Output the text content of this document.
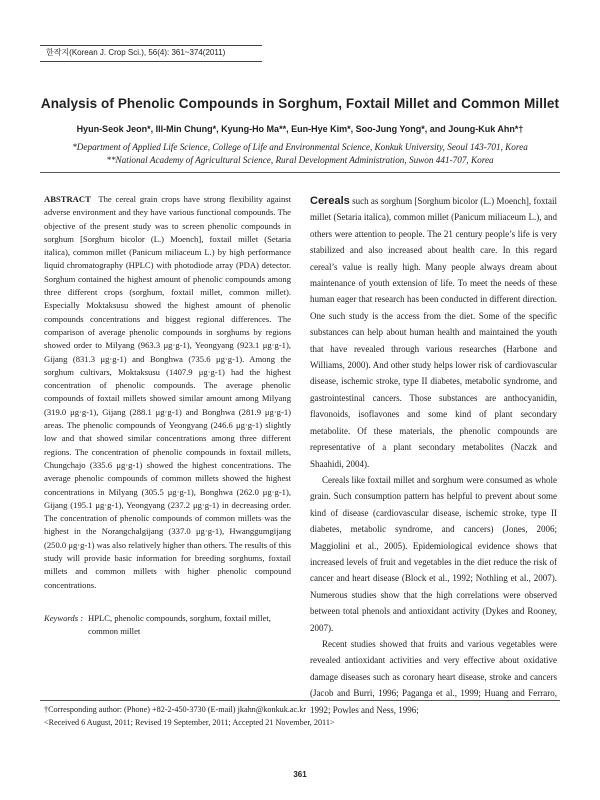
한작지(Korean J. Crop Sci.), 56(4): 361~374(2011)
Analysis of Phenolic Compounds in Sorghum, Foxtail Millet and Common Millet
Hyun-Seok Jeon*, Ill-Min Chung*, Kyung-Ho Ma**, Eun-Hye Kim*, Soo-Jung Yong*, and Joung-Kuk Ahn*†
*Department of Applied Life Science, College of Life and Environmental Science, Konkuk University, Seoul 143-701, Korea
**National Academy of Agricultural Science, Rural Development Administration, Suwon 441-707, Korea

ABSTRACT The cereal grain crops have strong flexibility against adverse environment and they have various functional compounds. The objective of the present study was to screen phenolic compounds in sorghum [Sorghum bicolor (L.) Moench], foxtail millet (Setaria italica), common millet (Panicum miliaceum L.) by high performance liquid chromatography (HPLC) with photodiode array (PDA) detector. Sorghum contained the highest amount of phenolic compounds among three different crops (sorghum, foxtail millet, common millet). Especially Moktaksusu showed the highest amount of phenolic compounds concentrations and biggest regional differences. The comparison of average phenolic compounds in sorghums by regions showed order to Milyang (963.3 μg·g-1), Yeongyang (923.1 μg·g-1), Gijang (831.3 μg·g-1) and Bonghwa (735.6 μg·g-1). Among the sorghum cultivars, Moktaksusu (1407.9 μg·g-1) had the highest concentration of phenolic compounds. The average phenolic compounds of foxtail millets showed similar amount among Milyang (319.0 μg·g-1), Gijang (288.1 μg·g-1) and Bonghwa (281.9 μg·g-1) areas. The phenolic compounds of Yeongyang (246.6 μg·g-1) slightly low and that showed similar concentrations among three different regions. The concentration of phenolic compounds in foxtail millets, Chungchajo (335.6 μg·g-1) showed the highest concentrations. The average phenolic compounds of common millets showed the highest concentrations in Milyang (305.5 μg·g-1), Bonghwa (262.0 μg·g-1), Gijang (195.1 μg·g-1), Yeongyang (237.2 μg·g-1) in decreasing order. The concentration of phenolic compounds of common millets was the highest in the Norangchalgijang (337.0 μg·g-1), Hwanggumgijang (250.0 μg·g-1) was also relatively higher than others. The results of this study will provide basic information for breeding sorghums, foxtail millets and common millets with higher phenolic compound concentrations.

Keywords : HPLC, phenolic compounds, sorghum, foxtail millet, common millet

Cereals such as sorghum [Sorghum bicolor (L.) Moench], foxtail millet (Setaria italica), common millet (Panicum miliaceum L.), and others were attention to people. The 21 century people’s life is very stabilized and also increased about health care. In this regard cereal’s value is really high. Many people always dream about maintenance of youth extension of life. To meet the needs of these human eager that research has been conducted in different direction. One such study is the access from the diet. Some of the specific substances can help about human health and maintained the youth that have revealed through various researches (Harbone and Williams, 2000). And other study helps lower risk of cardiovascular disease, ischemic stroke, type II diabetes, metabolic syndrome, and gastrointestinal cancers. Those substances are anthocyanidin, flavonoids, isoflavones and some kind of plant secondary metabolite. Of these materials, the phenolic compounds are representative of a plant secondary metabolites (Naczk and Shaahidi, 2004).

Cereals like foxtail millet and sorghum were consumed as whole grain. Such consumption pattern has helpful to prevent about some kind of disease (cardiovascular disease, ischemic stroke, type II diabetes, metabolic syndrome, and cancers) (Jones, 2006; Maggiolini et al., 2005). Epidemiological evidence shows that increased levels of fruit and vegetables in the diet reduce the risk of cancer and heart disease (Block et al., 1992; Nothling et al., 2007). Numerous studies show that the high correlations were observed between total phenols and antioxidant activity (Dykes and Rooney, 2007).

Recent studies showed that fruits and various vegetables were revealed antioxidant activities and very effective about oxidative damage diseases such as coronary heart disease, stroke and cancers (Jacob and Burri, 1996; Paganga et al., 1999; Huang and Ferraro, 1992; Powles and Ness, 1996;

†Corresponding author: (Phone) +82-2-450-3730 (E-mail) jkahn@konkuk.ac.kr
<Received 6 August, 2011; Revised 19 September, 2011; Accepted 21 November, 2011>
361
